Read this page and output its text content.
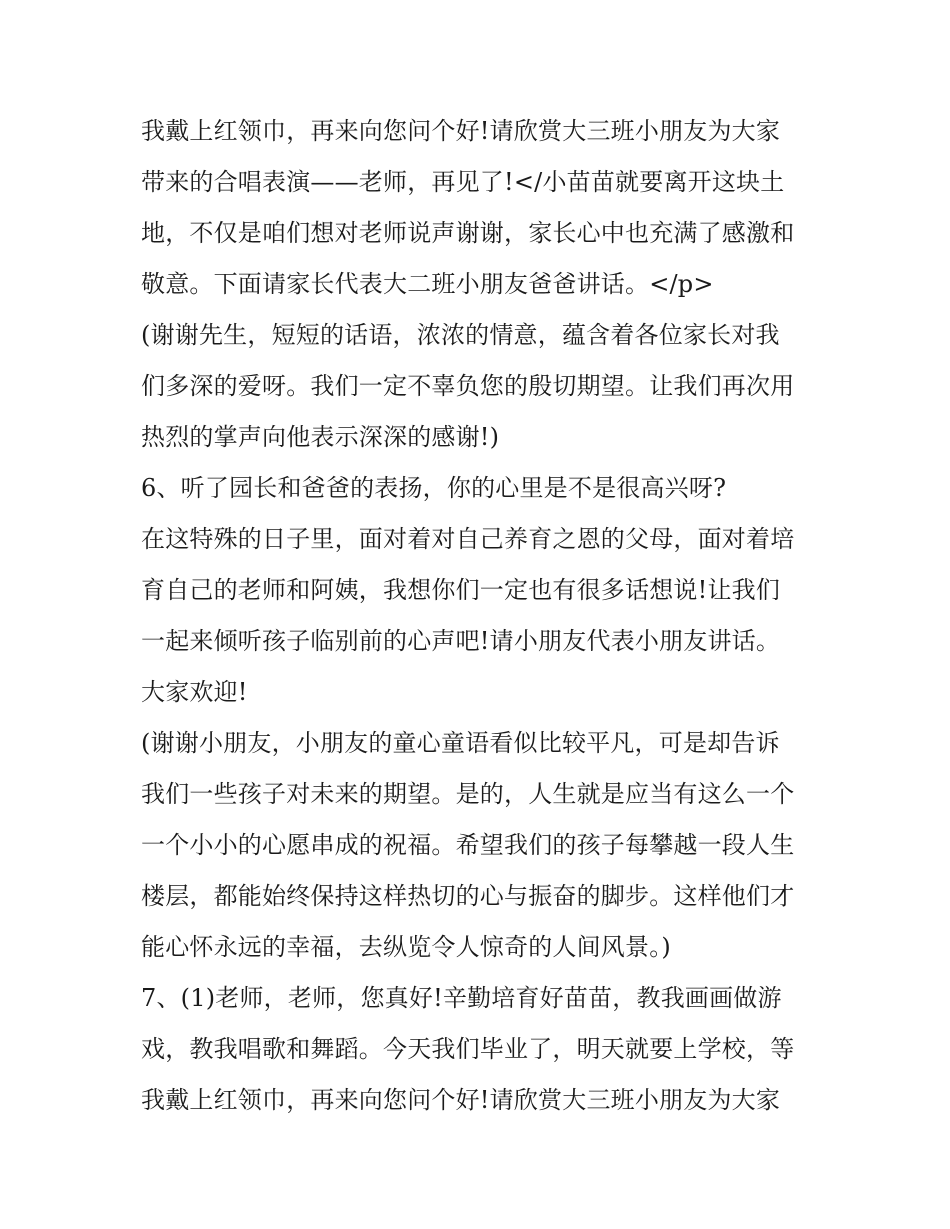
我戴上红领巾，再来向您问个好!请欣赏大三班小朋友为大家
带来的合唱表演——老师，再见了!</小苗苗就要离开这块土
地，不仅是咱们想对老师说声谢谢，家长心中也充满了感激和
敬意。下面请家长代表大二班小朋友爸爸讲话。</p>
(谢谢先生，短短的话语，浓浓的情意，蕴含着各位家长对我
们多深的爱呀。我们一定不辜负您的殷切期望。让我们再次用
热烈的掌声向他表示深深的感谢!)
6、听了园长和爸爸的表扬，你的心里是不是很高兴呀?
在这特殊的日子里，面对着对自己养育之恩的父母，面对着培
育自己的老师和阿姨，我想你们一定也有很多话想说!让我们
一起来倾听孩子临别前的心声吧!请小朋友代表小朋友讲话。
大家欢迎!
(谢谢小朋友，小朋友的童心童语看似比较平凡，可是却告诉
我们一些孩子对未来的期望。是的，人生就是应当有这么一个
一个小小的心愿串成的祝福。希望我们的孩子每攀越一段人生
楼层，都能始终保持这样热切的心与振奋的脚步。这样他们才
能心怀永远的幸福，去纵览令人惊奇的人间风景。)
7、(1)老师，老师，您真好!辛勤培育好苗苗，教我画画做游
戏，教我唱歌和舞蹈。今天我们毕业了，明天就要上学校，等
我戴上红领巾，再来向您问个好!请欣赏大三班小朋友为大家
